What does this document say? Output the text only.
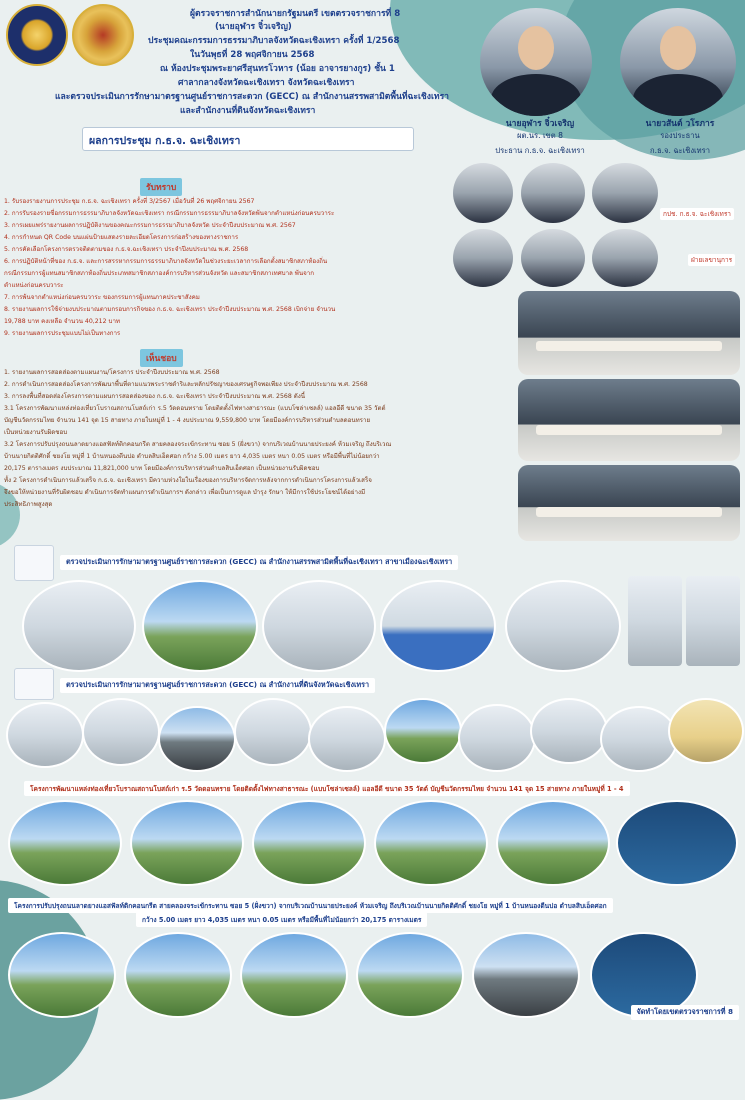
ผู้ตรวจราชการสำนักนายกรัฐมนตรี เขตตรวจราชการที่ 8
(นายอุฬาร จิ๋วเจริญ)
ประชุมคณะกรรมการธรรมาภิบาลจังหวัดฉะเชิงเทรา ครั้งที่ 1/2568
ในวันพุธที่ 28 พฤศจิกายน 2568
ณ ห้องประชุมพระยาศรีสุนทรโวหาร (น้อย อาจารยางกูร) ชั้น 1
ศาลากลางจังหวัดฉะเชิงเทรา จังหวัดฉะเชิงเทรา
และตรวจประเมินการรักษามาตรฐานศูนย์ราชการสะดวก (GECC) ณ สำนักงานสรรพสามิตพื้นที่ฉะเชิงเทรา
และสำนักงานที่ดินจังหวัดฉะเชิงเทรา
นายอุฬาร จิ๋วเจริญ
ผต.นร. เขต 8
ประธาน ก.ธ.จ. ฉะเชิงเทรา
นายวสันต์ วโรภาร
รองประธาน
ก.ธ.จ. ฉะเชิงเทรา
ผลการประชุม ก.ธ.จ. ฉะเชิงเทรา
รับทราบ
1. รับรองรายงานการประชุม ก.ธ.จ. ฉะเชิงเทรา ครั้งที่ 3/2567 เมื่อวันที่ 26 พฤศจิกายน 2567
2. การรับรองรายชื่อกรรมการธรรมาภิบาลจังหวัดฉะเชิงเทรา กรณีกรรมการธรรมาภิบาลจังหวัดพ้นจากตำแหน่งก่อนครบวาระ
3. การเผยแพร่รายงานผลการปฏิบัติงานของคณะกรรมการธรรมาภิบาลจังหวัด ประจำปีงบประมาณ พ.ศ. 2567
4. การกำหนด QR Code บนแผ่นป้ายแสดงรายละเอียดโครงการก่อสร้างของทางราชการ
5. การคัดเลือกโครงการตรวจติดตามของ ก.ธ.จ.ฉะเชิงเทรา ประจำปีงบประมาณ พ.ศ. 2568
6. การปฏิบัติหน้าที่ของ ก.ธ.จ. และการสรรหากรรมการธรรมาภิบาลจังหวัดในช่วงระยะเวลาการเลือกตั้งสมาชิกสภาท้องถิ่น
กรณีกรรมการผู้แทนสมาชิกสภาท้องถิ่นประเภทสมาชิกสภาองค์การบริหารส่วนจังหวัด และสมาชิกสภาเทศบาล พ้นจาก
ตำแหน่งก่อนครบวาระ
7. การพ้นจากตำแหน่งก่อนครบวาระ ของกรรมการผู้แทนภาคประชาสังคม
8. รายงานผลการใช้จ่ายงบประมาณตามกรอบการกิจของ ก.ธ.จ. ฉะเชิงเทรา ประจำปีงบประมาณ พ.ศ. 2568 เบิกจ่าย จำนวน
19,788 บาท คงเหลือ จำนวน 40,212 บาท
9. รายงานผลการประชุมแบบไม่เป็นทางการ
เห็นชอบ
1. รายงานผลการสอดส่องตามแผนงาน/โครงการ ประจำปีงบประมาณ พ.ศ. 2568
2. การดำเนินการสอดส่องโครงการพัฒนาพื้นที่ตามแนวพระราชดำริและหลักปรัชญาของเศรษฐกิจพอเพียง ประจำปีงบประมาณ พ.ศ. 2568
3. การลงพื้นที่สอดส่องโครงการตามแผนการสอดส่องของ ก.ธ.จ. ฉะเชิงเทรา ประจำปีงบประมาณ พ.ศ. 2568 ดังนี้
3.1 โครงการพัฒนาแหล่งท่องเที่ยวโบราณสถานโบสถ์เก่า ร.5 วัดดอนทราย โดยติดตั้งไฟทางสาธารณะ (แบบโซล่าเซลล์) แอลอีดี ขนาด 35 วัตต์
บัญชีนวัตกรรมไทย จำนวน 141 จุด 15 สายทาง ภายในหมู่ที่ 1 - 4 งบประมาณ 9,559,800 บาท โดยมีองค์การบริหารส่วนตำบลดอนทราย
เป็นหน่วยงานรับผิดชอบ
3.2 โครงการปรับปรุงถนนลาดยางแอสฟัลท์ติกคอนกรีต สายคลองจระเข้กระทาน ซอย 5 (ฝั่งขวา) จากบริเวณบ้านนายประยงค์ ห้วมเจริญ ถึงบริเวณ
บ้านนายกิตติศักดิ์ ชยงโย หมู่ที่ 1 บ้านหนองตีนปอ ตำบลสิบเอ็ดศอก กว้าง 5.00 เมตร ยาว 4,035 เมตร หนา 0.05 เมตร หรือมีพื้นที่ไม่น้อยกว่า
20,175 ตารางเมตร งบประมาณ 11,821,000 บาท โดยมีองค์การบริหารส่วนตำบลสิบเอ็ดศอก เป็นหน่วยงานรับผิดชอบ
ทั้ง 2 โครงการดำเนินการแล้วเสร็จ ก.ธ.จ. ฉะเชิงเทรา มีความห่วงใยในเรื่องของการบริหารจัดการหลังจากการดำเนินการโครงการแล้วเสร็จ
จึงขอให้หน่วยงานที่รับผิดชอบ ดำเนินการจัดทำแผนการดำเนินการฯ ดังกล่าว เพื่อเป็นการดูแล บำรุง รักษา ให้มีการใช้ประโยชน์ได้อย่างมี
ประสิทธิภาพสูงสุด
กปช. ก.ธ.จ. ฉะเชิงเทรา
ฝ่ายเลขานุการ
ตรวจประเมินการรักษามาตรฐานศูนย์ราชการสะดวก (GECC) ณ สำนักงานสรรพสามิตพื้นที่ฉะเชิงเทรา สาขาเมืองฉะเชิงเทรา
ตรวจประเมินการรักษามาตรฐานศูนย์ราชการสะดวก (GECC) ณ สำนักงานที่ดินจังหวัดฉะเชิงเทรา
โครงการพัฒนาแหล่งท่องเที่ยวโบราณสถานโบสถ์เก่า ร.5 วัดดอนทราย โดยติดตั้งไฟทางสาธารณะ (แบบโซล่าเซลล์) แอลอีดี ขนาด 35 วัตต์ บัญชีนวัตกรรมไทย จำนวน 141 จุด 15 สายทาง ภายในหมู่ที่ 1 - 4
โครงการปรับปรุงถนนลาดยางแอสฟัลท์ติกคอนกรีต สายคลองจระเข้กระทาน ซอย 5 (ฝั่งขวา) จากบริเวณบ้านนายประยงค์ ห้วมเจริญ ถึงบริเวณบ้านนายกิตติศักดิ์ ชยงโย หมู่ที่ 1 บ้านหนองตีนปอ ตำบลสิบเอ็ดศอก
กว้าง 5.00 เมตร ยาว 4,035 เมตร หนา 0.05 เมตร หรือมีพื้นที่ไม่น้อยกว่า 20,175 ตารางเมตร
จัดทำโดยเขตตรวจราชการที่ 8
